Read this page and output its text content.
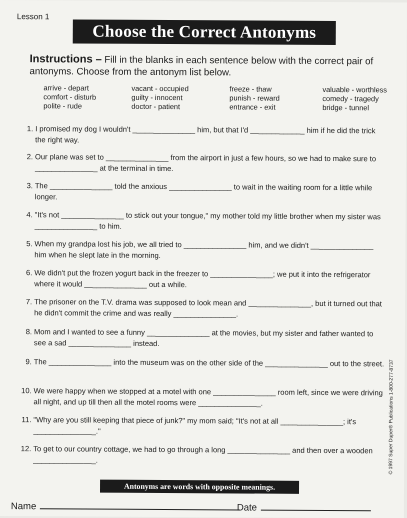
Lesson 1
Choose the Correct Antonyms
Instructions – Fill in the blanks in each sentence below with the correct pair of antonyms. Choose from the antonym list below.
arrive - depart	vacant - occupied	freeze - thaw	valuable - worthless
comfort - disturb	guilty - innocent	punish - reward	comedy - tragedy
polite - rude	doctor - patient	entrance - exit	bridge - tunnel
1. I promised my dog I wouldn't _______________ him, but that I'd _____________ him if he did the trick the right way.
2. Our plane was set to _______________ from the airport in just a few hours, so we had to make sure to _______________ at the terminal in time.
3. The _______________ told the anxious _______________ to wait in the waiting room for a little while longer.
4. "It's not _______________ to stick out your tongue," my mother told my little brother when my sister was _______________ to him.
5. When my grandpa lost his job, we all tried to _______________ him, and we didn't _______________ him when he slept late in the morning.
6. We didn't put the frozen yogurt back in the freezer to _______________; we put it into the refrigerator where it would _______________ out a while.
7. The prisoner on the T.V. drama was supposed to look mean and _______________, but it turned out that he didn't commit the crime and was really _______________.
8. Mom and I wanted to see a funny _______________ at the movies, but my sister and father wanted to see a sad _______________ instead.
9. The _______________ into the museum was on the other side of the _______________ out to the street.
10. We were happy when we stopped at a motel with one _______________ room left, since we were driving all night, and up till then all the motel rooms were _______________.
11. "Why are you still keeping that piece of junk?" my mom said; "It's not at all _______________; it's _______________."
12. To get to our country cottage, we had to go through a long _______________ and then over a wooden _______________.	© 1997 Super Duper® Publications 1-800-277-8737
Antonyms are words with opposite meanings.
Name	Date
